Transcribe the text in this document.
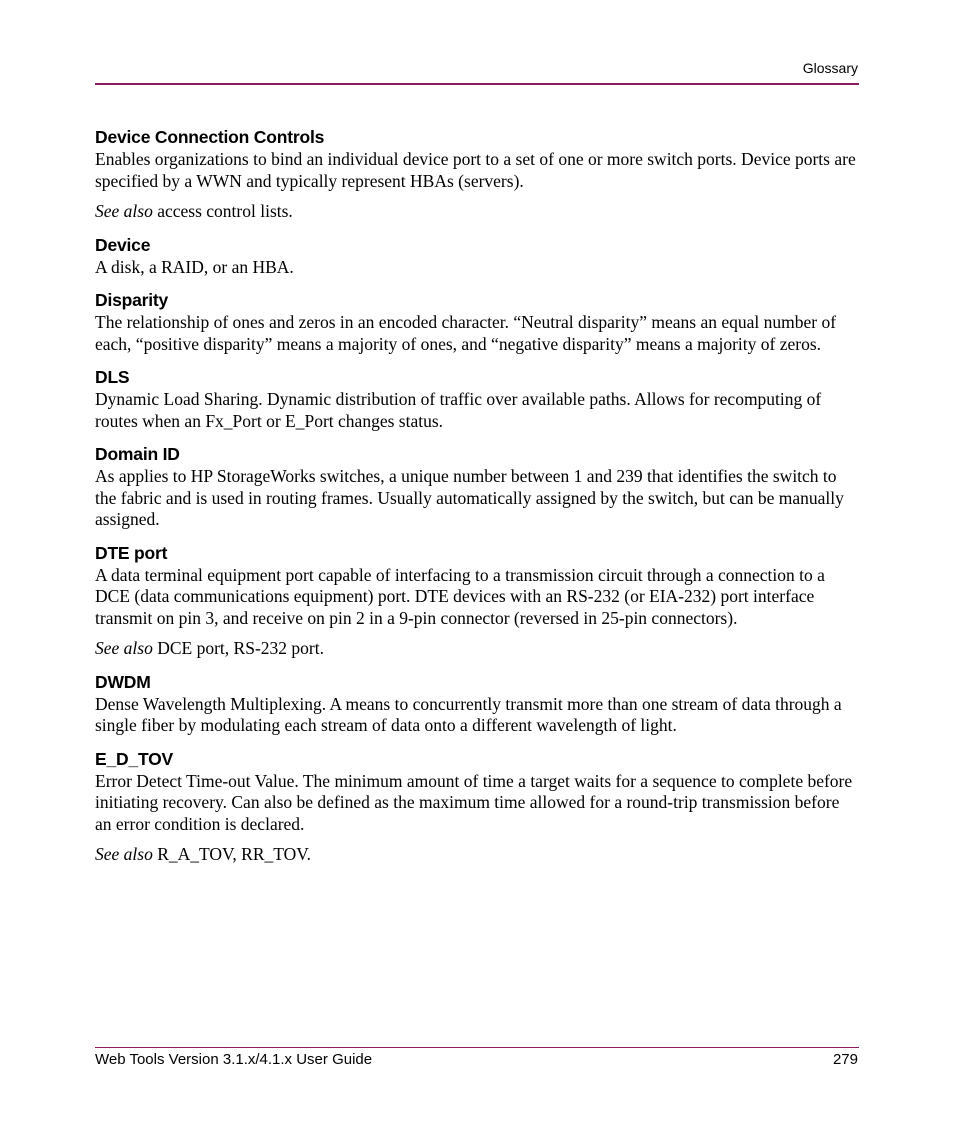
Glossary

Device Connection Controls

Enables organizations to bind an individual device port to a set of one or more switch ports. Device ports are specified by a WWN and typically represent HBAs (servers).

See also access control lists.

Device

A disk, a RAID, or an HBA.

Disparity

The relationship of ones and zeros in an encoded character. “Neutral disparity” means an equal number of each, “positive disparity” means a majority of ones, and “negative disparity” means a majority of zeros.

DLS

Dynamic Load Sharing. Dynamic distribution of traffic over available paths. Allows for recomputing of routes when an Fx_Port or E_Port changes status.

Domain ID

As applies to HP StorageWorks switches, a unique number between 1 and 239 that identifies the switch to the fabric and is used in routing frames. Usually automatically assigned by the switch, but can be manually assigned.

DTE port

A data terminal equipment port capable of interfacing to a transmission circuit through a connection to a DCE (data communications equipment) port. DTE devices with an RS-232 (or EIA-232) port interface transmit on pin 3, and receive on pin 2 in a 9-pin connector (reversed in 25-pin connectors).

See also DCE port, RS-232 port.

DWDM

Dense Wavelength Multiplexing. A means to concurrently transmit more than one stream of data through a single fiber by modulating each stream of data onto a different wavelength of light.

E_D_TOV

Error Detect Time-out Value. The minimum amount of time a target waits for a sequence to complete before initiating recovery. Can also be defined as the maximum time allowed for a round-trip transmission before an error condition is declared.

See also R_A_TOV, RR_TOV.

Web Tools Version 3.1.x/4.1.x User Guide	279
